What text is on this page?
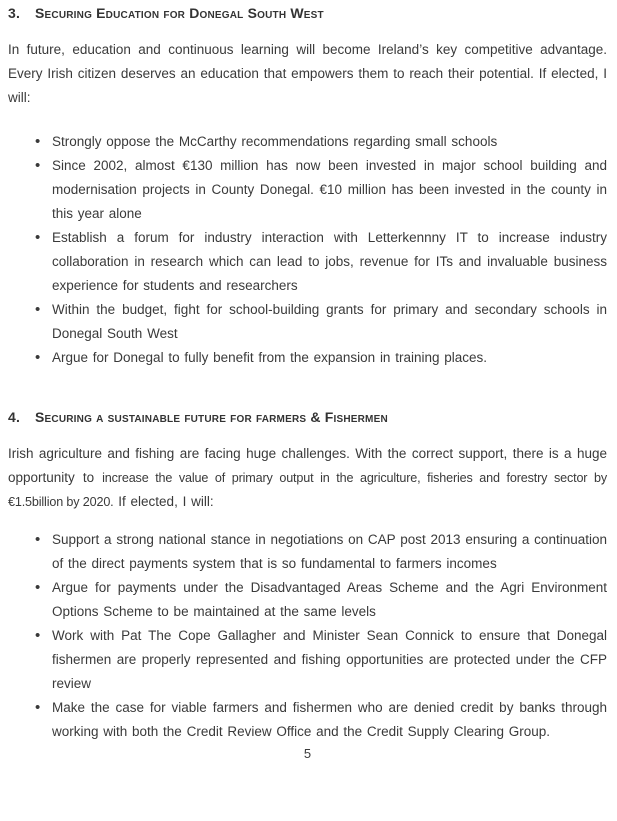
3. Securing Education for Donegal South West

In future, education and continuous learning will become Ireland’s key competitive advantage. Every Irish citizen deserves an education that empowers them to reach their potential. If elected, I will:

• Strongly oppose the McCarthy recommendations regarding small schools
• Since 2002, almost €130 million has now been invested in major school building and modernisation projects in County Donegal. €10 million has been invested in the county in this year alone
• Establish a forum for industry interaction with Letterkennny IT to increase industry collaboration in research which can lead to jobs, revenue for ITs and invaluable business experience for students and researchers
• Within the budget, fight for school-building grants for primary and secondary schools in Donegal South West
• Argue for Donegal to fully benefit from the expansion in training places.
4. Securing a sustainable future for farmers & Fishermen

Irish agriculture and fishing are facing huge challenges. With the correct support, there is a huge opportunity to increase the value of primary output in the agriculture, fisheries and forestry sector by €1.5billion by 2020. If elected, I will:

• Support a strong national stance in negotiations on CAP post 2013 ensuring a continuation of the direct payments system that is so fundamental to farmers incomes
• Argue for payments under the Disadvantaged Areas Scheme and the Agri Environment Options Scheme to be maintained at the same levels
• Work with Pat The Cope Gallagher and Minister Sean Connick to ensure that Donegal fishermen are properly represented and fishing opportunities are protected under the CFP review
• Make the case for viable farmers and fishermen who are denied credit by banks through working with both the Credit Review Office and the Credit Supply Clearing Group.
5
